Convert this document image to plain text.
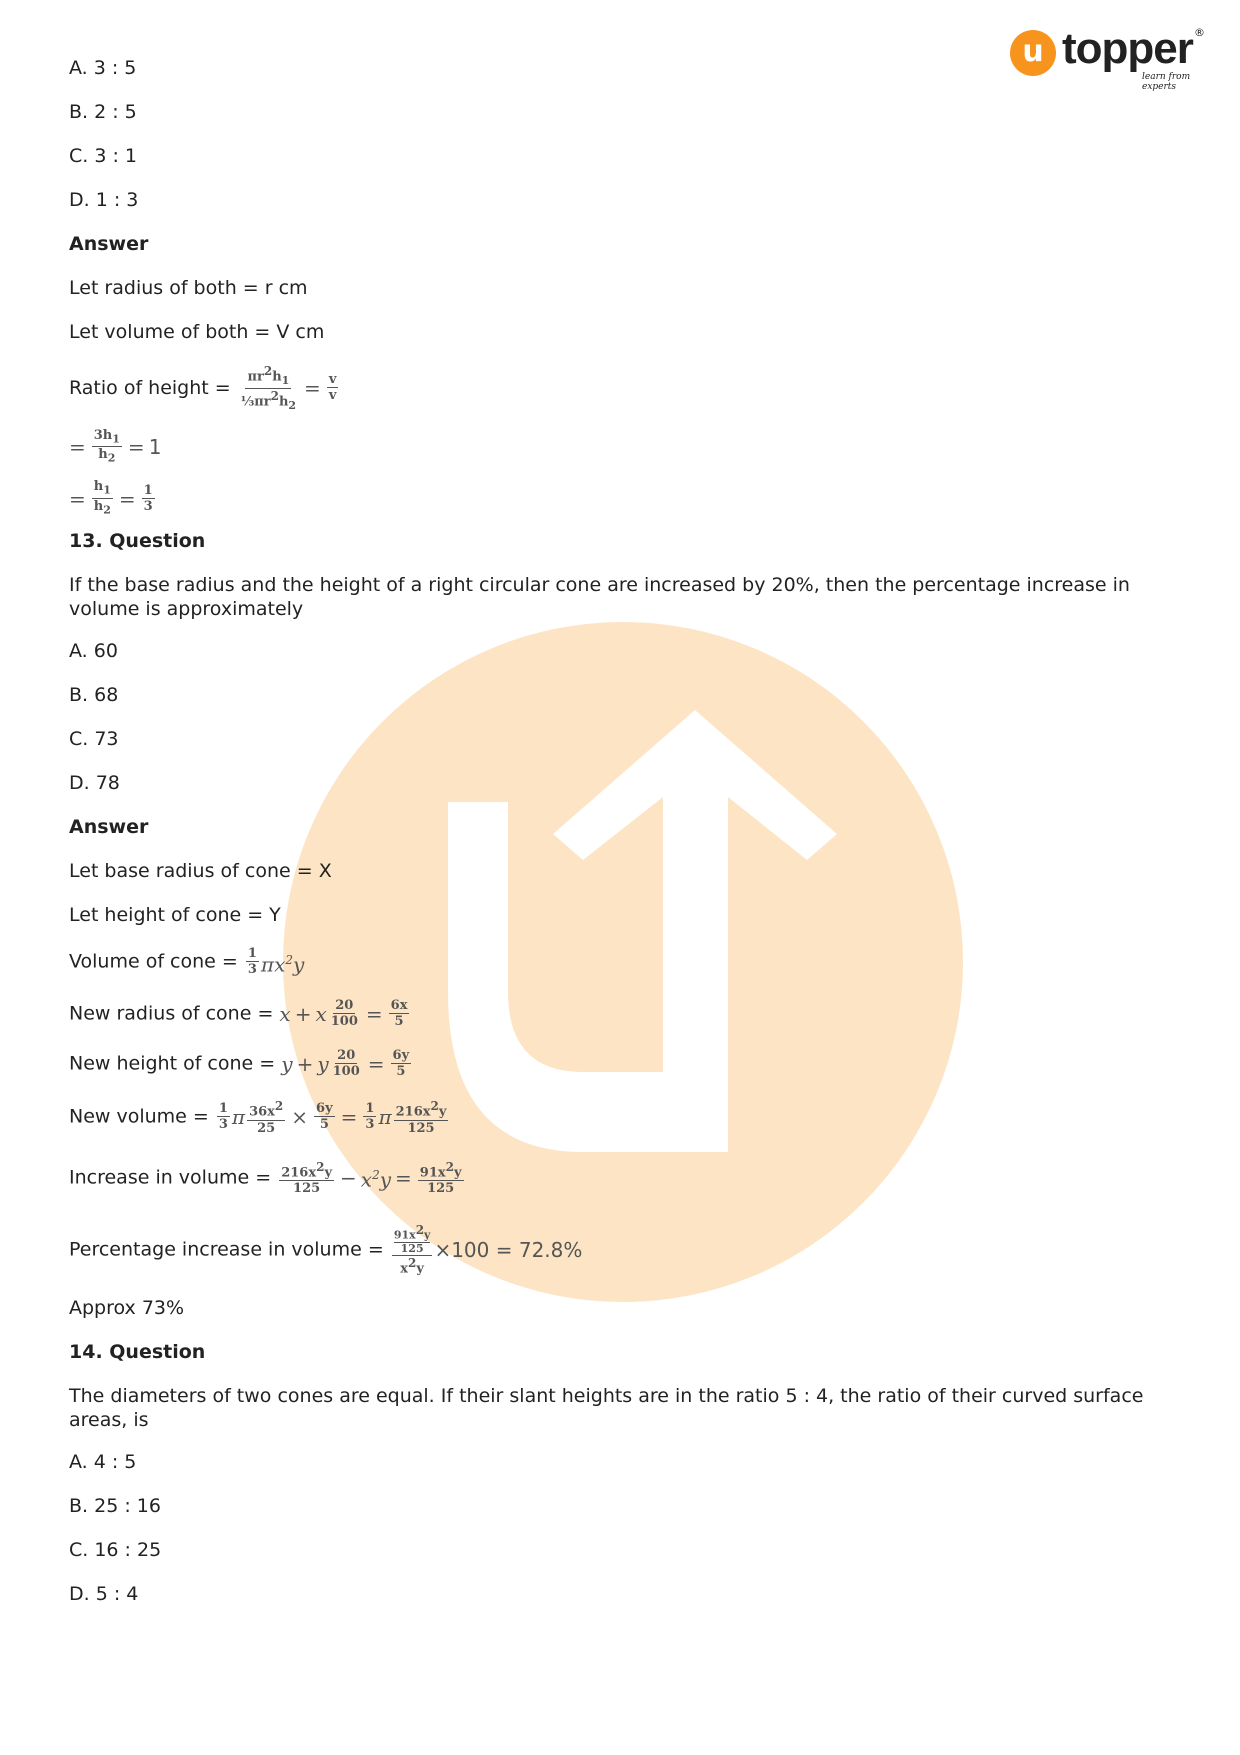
u topper ®
learn from experts
A. 3 : 5
B. 2 : 5
C. 3 : 1
D. 1 : 3
Answer
Let radius of both = r cm
Let volume of both = V cm
Ratio of height = $\frac{\pi r^2h_1}{\frac{1}{3}\pi r^2h_2} = \frac{v}{v}$
= $\frac{3h_1}{h_2} = 1$
= $\frac{h_1}{h_2} = \frac{1}{3}$
13. Question
If the base radius and the height of a right circular cone are increased by 20%, then the percentage increase in volume is approximately
A. 60
B. 68
C. 73
D. 78
Answer
Let base radius of cone = X
Let height of cone = Y
Volume of cone = $\frac{1}{3} \pi x^2y$
New radius of cone = x + x $\frac{20}{100} = \frac{6x}{5}$
New height of cone = y + y $\frac{20}{100} = \frac{6y}{5}$
New volume = $\frac{1}{3}$ π $\frac{36x^2}{25} \times \frac{6y}{5} = \frac{1}{3}$ π $\frac{216x^2y}{125}$
Increase in volume = $\frac{216x^2y}{125} - x^2y = \frac{91x^2y}{125}$
Percentage increase in volume = $91x^2y$
125
$x^2y \times 100 = 72.8\%$
Approx 73%
14. Question
The diameters of two cones are equal. If their slant heights are in the ratio 5 : 4, the ratio of their curved surface areas, is
A. 4 : 5
B. 25 : 16
C. 16 : 25
D. 5 : 4
